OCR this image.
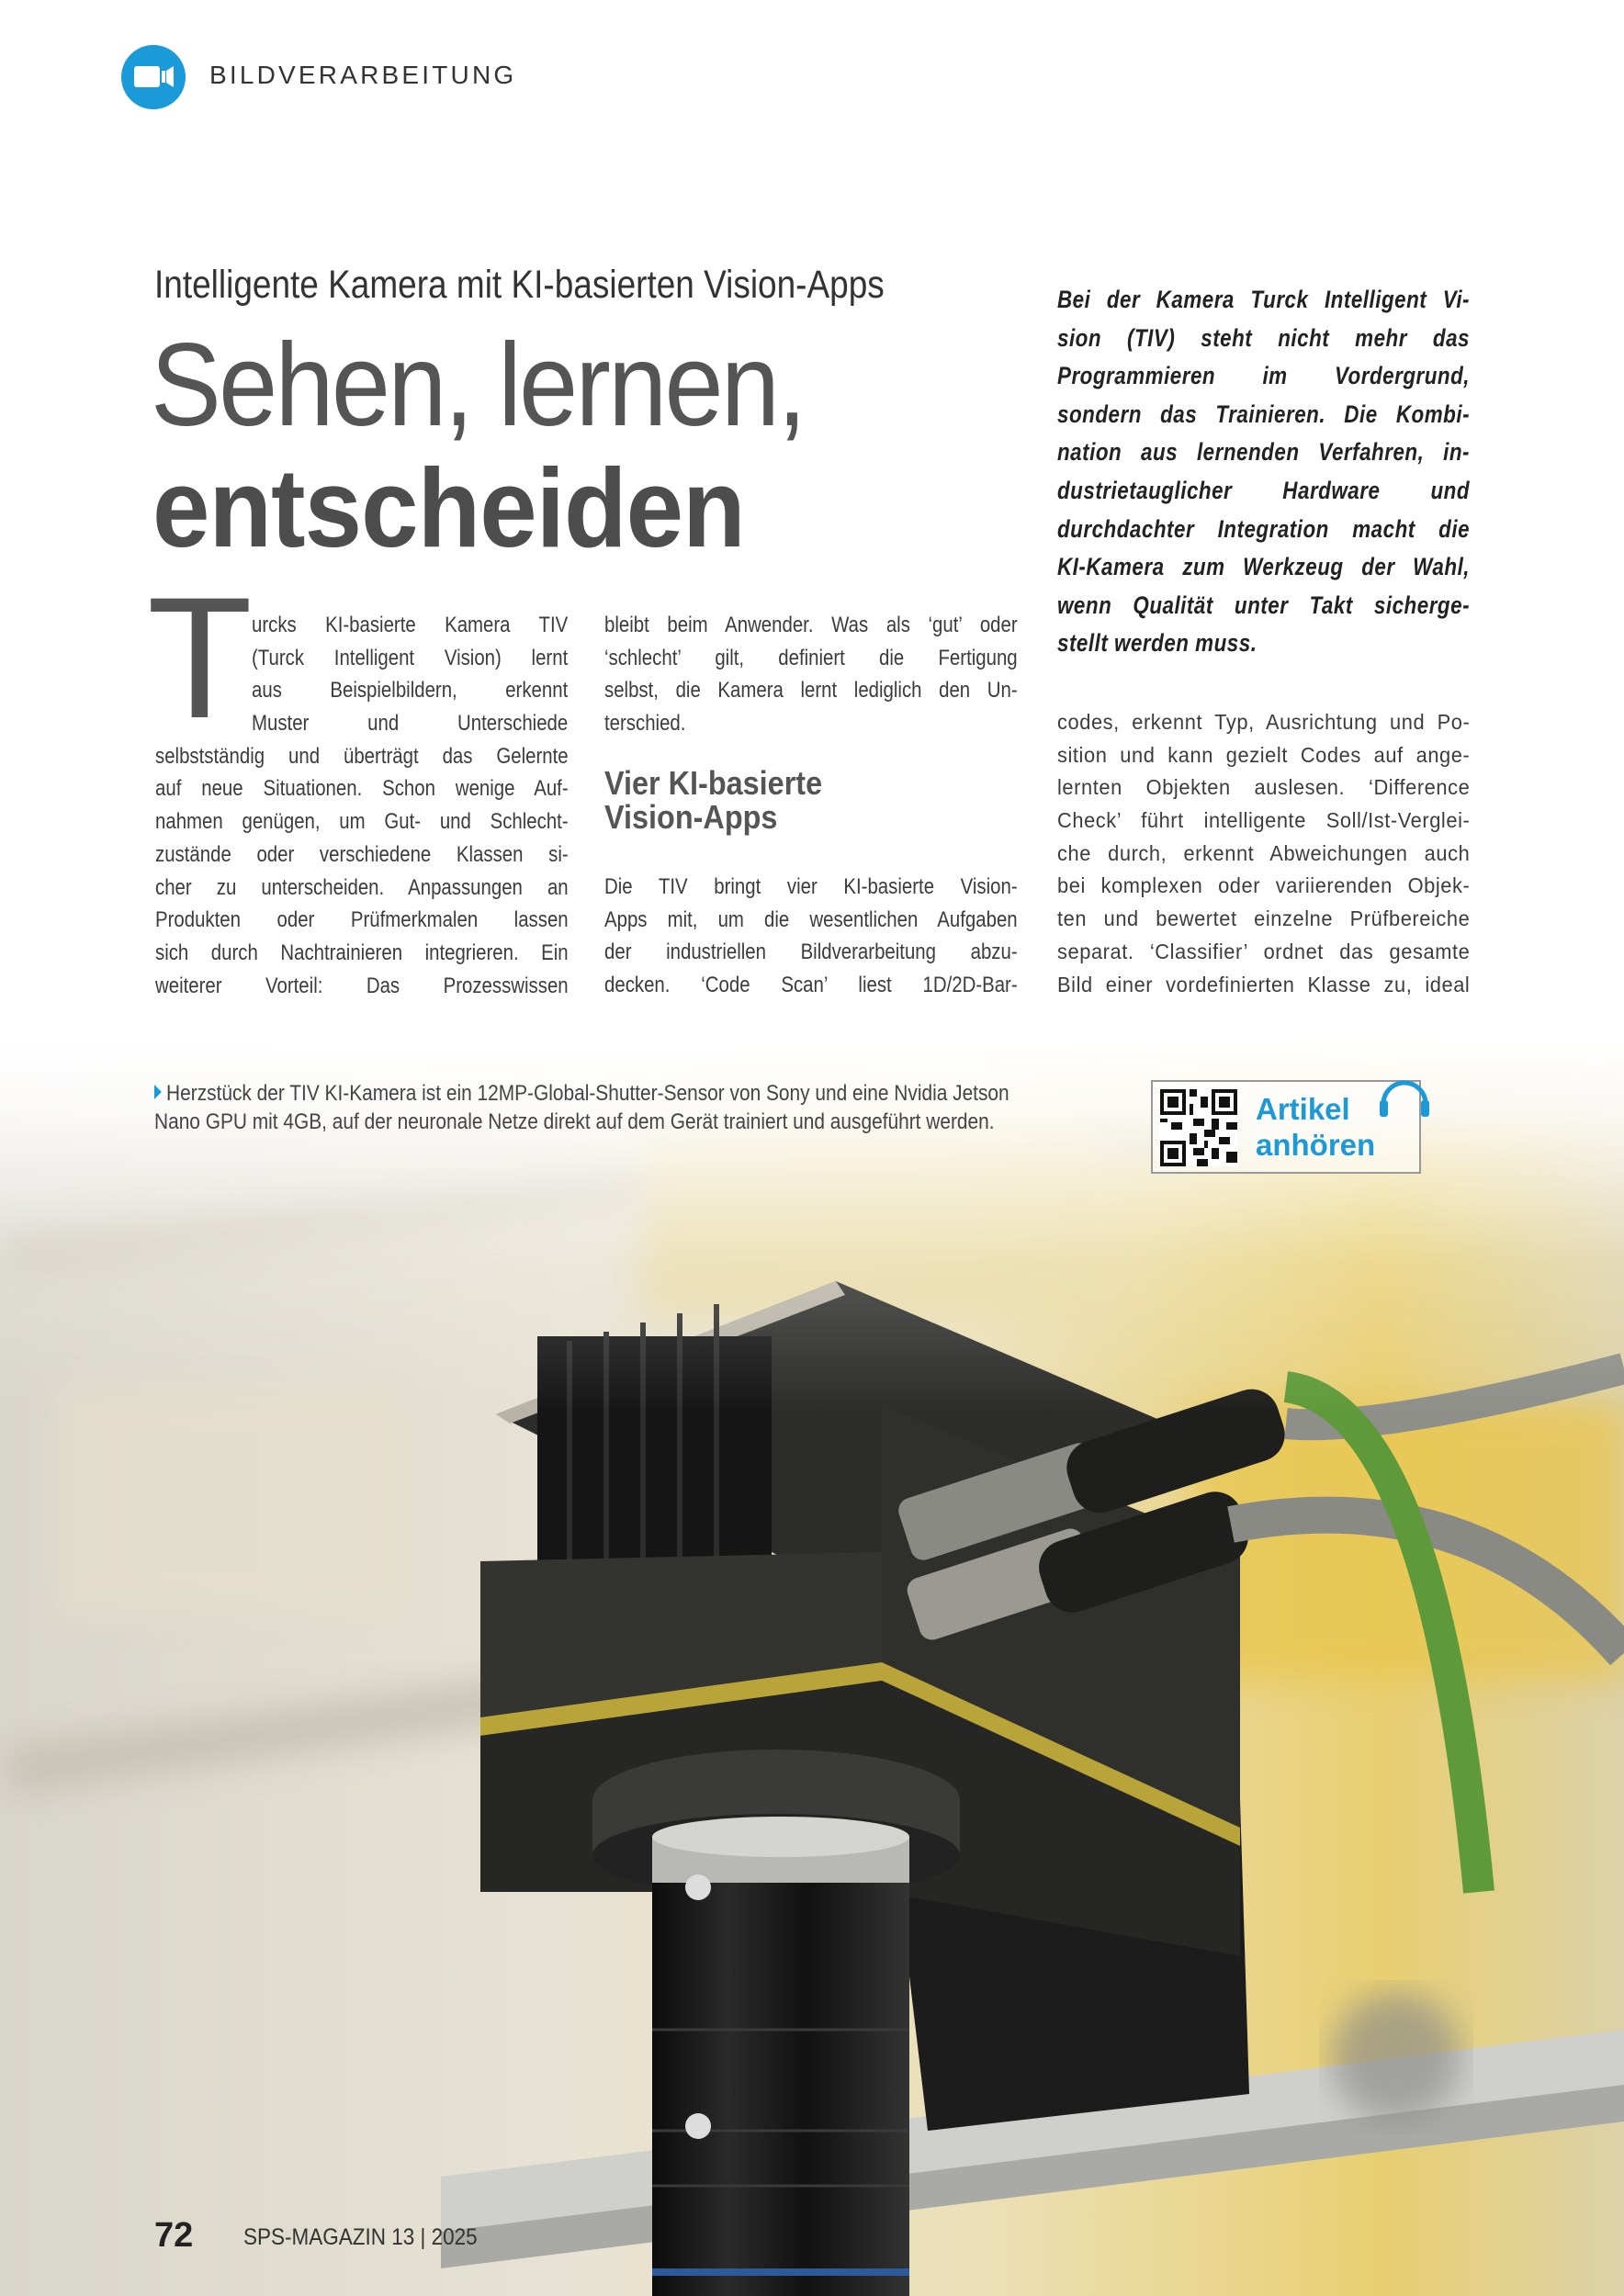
BILDVERARBEITUNG
Intelligente Kamera mit KI-basierten Vision-Apps
Sehen, lernen,
entscheiden
Bei der Kamera Turck Intelligent Vi-
sion (TIV) steht nicht mehr das
Programmieren im Vordergrund,
sondern das Trainieren. Die Kombi-
nation aus lernenden Verfahren, in-
dustrietauglicher Hardware und
durchdachter Integration macht die
KI-Kamera zum Werkzeug der Wahl,
wenn Qualität unter Takt sicherge-
stellt werden muss.
T urcks KI-basierte Kamera TIV
(Turck Intelligent Vision) lernt
aus Beispielbildern, erkennt
Muster und Unterschiede
selbstständig und überträgt das Gelernte
auf neue Situationen. Schon wenige Auf-
nahmen genügen, um Gut- und Schlecht-
zustände oder verschiedene Klassen si-
cher zu unterscheiden. Anpassungen an
Produkten oder Prüfmerkmalen lassen
sich durch Nachtrainieren integrieren. Ein
weiterer Vorteil: Das Prozesswissen
bleibt beim Anwender. Was als ‘gut’ oder
‘schlecht’ gilt, definiert die Fertigung
selbst, die Kamera lernt lediglich den Un-
terschied.
Vier KI-basierte
Vision-Apps
Die TIV bringt vier KI-basierte Vision-
Apps mit, um die wesentlichen Aufgaben
der industriellen Bildverarbeitung abzu-
decken. ‘Code Scan’ liest 1D/2D-Bar-
codes, erkennt Typ, Ausrichtung und Po-
sition und kann gezielt Codes auf ange-
lernten Objekten auslesen. ‘Difference
Check’ führt intelligente Soll/Ist-Verglei-
che durch, erkennt Abweichungen auch
bei komplexen oder variierenden Objek-
ten und bewertet einzelne Prüfbereiche
separat. ‘Classifier’ ordnet das gesamte
Bild einer vordefinierten Klasse zu, ideal
Herzstück der TIV KI-Kamera ist ein 12MP-Global-Shutter-Sensor von Sony und eine Nvidia Jetson
Nano GPU mit 4GB, auf der neuronale Netze direkt auf dem Gerät trainiert und ausgeführt werden.	Artikel
anhören
72 SPS-MAGAZIN 13 | 2025
